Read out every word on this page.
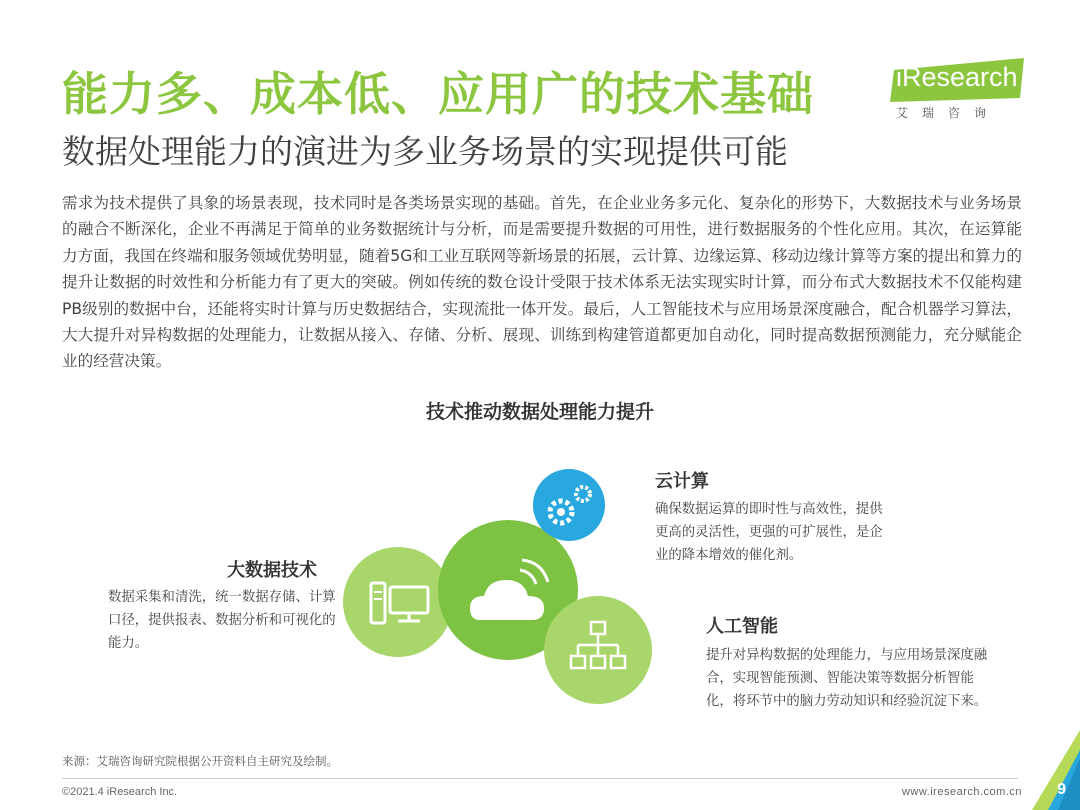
能力多、成本低、应用广的技术基础
数据处理能力的演进为多业务场景的实现提供可能
iResearch
艾瑞咨询
需求为技术提供了具象的场景表现，技术同时是各类场景实现的基础。首先，在企业业务多元化、复杂化的形势下，大数据技术与业务场景的融合不断深化，企业不再满足于简单的业务数据统计与分析，而是需要提升数据的可用性，进行数据服务的个性化应用。其次，在运算能力方面，我国在终端和服务领域优势明显，随着5G和工业互联网等新场景的拓展，云计算、边缘运算、移动边缘计算等方案的提出和算力的提升让数据的时效性和分析能力有了更大的突破。例如传统的数仓设计受限于技术体系无法实现实时计算，而分布式大数据技术不仅能构建PB级别的数据中台，还能将实时计算与历史数据结合，实现流批一体开发。最后，人工智能技术与应用场景深度融合，配合机器学习算法，大大提升对异构数据的处理能力，让数据从接入、存储、分析、展现、训练到构建管道都更加自动化，同时提高数据预测能力，充分赋能企业的经营决策。
技术推动数据处理能力提升
大数据技术
数据采集和清洗，统一数据存储、计算口径，提供报表、数据分析和可视化的能力。
云计算
确保数据运算的即时性与高效性，提供更高的灵活性，更强的可扩展性，是企业的降本增效的催化剂。
人工智能
提升对异构数据的处理能力，与应用场景深度融合，实现智能预测、智能决策等数据分析智能化，将环节中的脑力劳动知识和经验沉淀下来。
来源：艾瑞咨询研究院根据公开资料自主研究及绘制。
©2021.4 iResearch Inc.	www.iresearch.com.cn 9
